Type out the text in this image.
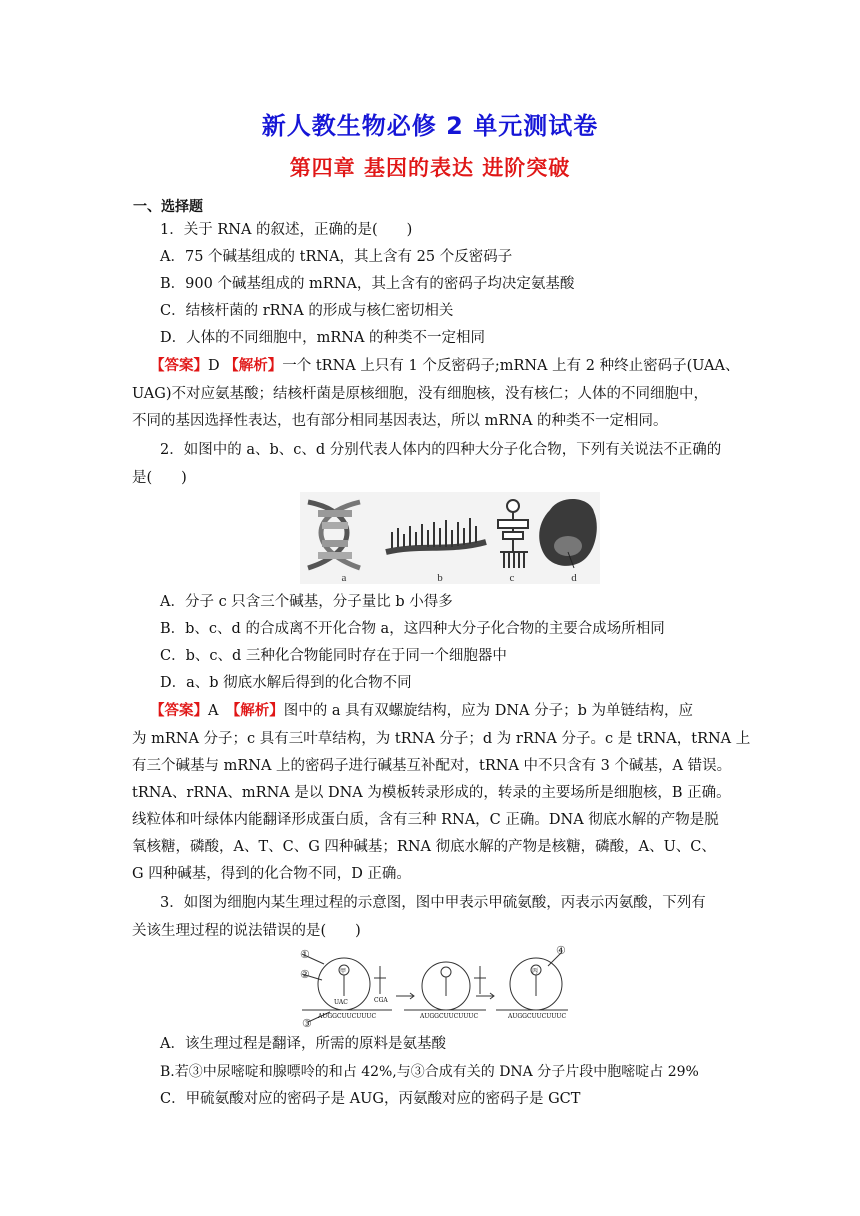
新人教生物必修 2 单元测试卷
第四章 基因的表达 进阶突破
一、选择题
1．关于 RNA 的叙述，正确的是(　　)
A．75 个碱基组成的 tRNA，其上含有 25 个反密码子
B．900 个碱基组成的 mRNA，其上含有的密码子均决定氨基酸
C．结核杆菌的 rRNA 的形成与核仁密切相关
D．人体的不同细胞中，mRNA 的种类不一定相同
【答案】D 【解析】一个 tRNA 上只有 1 个反密码子;mRNA 上有 2 种终止密码子(UAA、
UAG)不对应氨基酸；结核杆菌是原核细胞，没有细胞核，没有核仁；人体的不同细胞中，
不同的基因选择性表达，也有部分相同基因表达，所以 mRNA 的种类不一定相同。
2．如图中的 a、b、c、d 分别代表人体内的四种大分子化合物，下列有关说法不正确的
是(　　)
a	b	c	d
A．分子 c 只含三个碱基，分子量比 b 小得多
B．b、c、d 的合成离不开化合物 a，这四种大分子化合物的主要合成场所相同
C．b、c、d 三种化合物能同时存在于同一个细胞器中
D．a、b 彻底水解后得到的化合物不同
【答案】A　 【解析】图中的 a 具有双螺旋结构，应为 DNA 分子；b 为单链结构，应
为 mRNA 分子；c 具有三叶草结构，为 tRNA 分子；d 为 rRNA 分子。c 是 tRNA，tRNA 上
有三个碱基与 mRNA 上的密码子进行碱基互补配对，tRNA 中不只含有 3 个碱基，A 错误。
tRNA、rRNA、mRNA 是以 DNA 为模板转录形成的，转录的主要场所是细胞核，B 正确。
线粒体和叶绿体内能翻译形成蛋白质，含有三种 RNA，C 正确。DNA 彻底水解的产物是脱
氧核糖，磷酸，A、T、C、G 四种碱基；RNA 彻底水解的产物是核糖，磷酸，A、U、C、
G 四种碱基，得到的化合物不同，D 正确。
3．如图为细胞内某生理过程的示意图，图中甲表示甲硫氨酸，丙表示丙氨酸，下列有
关该生理过程的说法错误的是(　　)
①
②
③
④
甲	丙
UAC	CGA
AUGGCUUCUUUC	AUGGCUUCUUUC	AUGGCUUCUUUC
A．该生理过程是翻译，所需的原料是氨基酸
B.若③中尿嘧啶和腺嘌呤的和占 42%,与③合成有关的 DNA 分子片段中胞嘧啶占 29%
C．甲硫氨酸对应的密码子是 AUG，丙氨酸对应的密码子是 GCT
